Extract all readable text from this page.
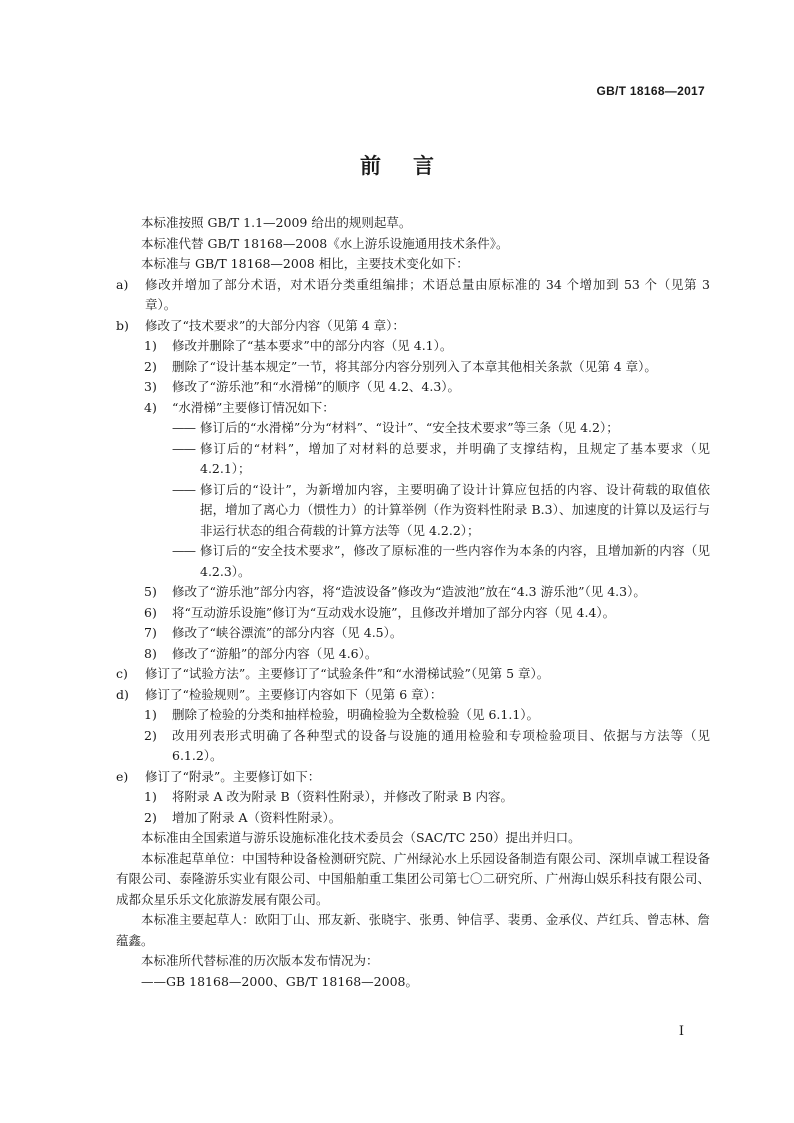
GB/T 18168—2017
前言

本标准按照 GB/T 1.1—2009 给出的规则起草。

本标准代替 GB/T 18168—2008《水上游乐设施通用技术条件》。

本标准与 GB/T 18168—2008 相比，主要技术变化如下：

a)	修改并增加了部分术语，对术语分类重组编排；术语总量由原标准的 34 个增加到 53 个（见第 3 章）。
b)	修改了“技术要求”的大部分内容（见第 4 章）：
1)	修改并删除了“基本要求”中的部分内容（见 4.1）。
2)	删除了“设计基本规定”一节，将其部分内容分别列入了本章其他相关条款（见第 4 章）。
3)	修改了“游乐池”和“水滑梯”的顺序（见 4.2、4.3）。
4)	“水滑梯”主要修订情况如下：
—— 修订后的“水滑梯”分为“材料”、“设计”、“安全技术要求”等三条（见 4.2）；
—— 修订后的“材料”，增加了对材料的总要求，并明确了支撑结构，且规定了基本要求（见 4.2.1）；
—— 修订后的“设计”，为新增加内容，主要明确了设计计算应包括的内容、设计荷载的取值依据，增加了离心力（惯性力）的计算举例（作为资料性附录 B.3）、加速度的计算以及运行与非运行状态的组合荷载的计算方法等（见 4.2.2）；
—— 修订后的“安全技术要求”，修改了原标准的一些内容作为本条的内容，且增加新的内容（见 4.2.3）。
5)	修改了“游乐池”部分内容，将“造波设备”修改为“造波池”放在“4.3 游乐池”（见 4.3）。
6)	将“互动游乐设施”修订为“互动戏水设施”，且修改并增加了部分内容（见 4.4）。
7)	修改了“峡谷漂流”的部分内容（见 4.5）。
8)	修改了“游船”的部分内容（见 4.6）。
c)	修订了“试验方法”。主要修订了“试验条件”和“水滑梯试验”（见第 5 章）。
d)	修订了“检验规则”。主要修订内容如下（见第 6 章）：
1)	删除了检验的分类和抽样检验，明确检验为全数检验（见 6.1.1）。
2)	改用列表形式明确了各种型式的设备与设施的通用检验和专项检验项目、依据与方法等（见 6.1.2）。
e)	修订了“附录”。主要修订如下：
1)	将附录 A 改为附录 B（资料性附录），并修改了附录 B 内容。
2)	增加了附录 A（资料性附录）。

本标准由全国索道与游乐设施标准化技术委员会（SAC/TC 250）提出并归口。

本标准起草单位：中国特种设备检测研究院、广州绿沁水上乐园设备制造有限公司、深圳卓诚工程设备有限公司、泰隆游乐实业有限公司、中国船舶重工集团公司第七〇二研究所、广州海山娱乐科技有限公司、成都众星乐乐文化旅游发展有限公司。

本标准主要起草人：欧阳丁山、邢友新、张晓宇、张勇、钟信孚、裴勇、金承仪、芦红兵、曾志林、詹蕴鑫。

本标准所代替标准的历次版本发布情况为：

——GB 18168—2000、GB/T 18168—2008。

I
